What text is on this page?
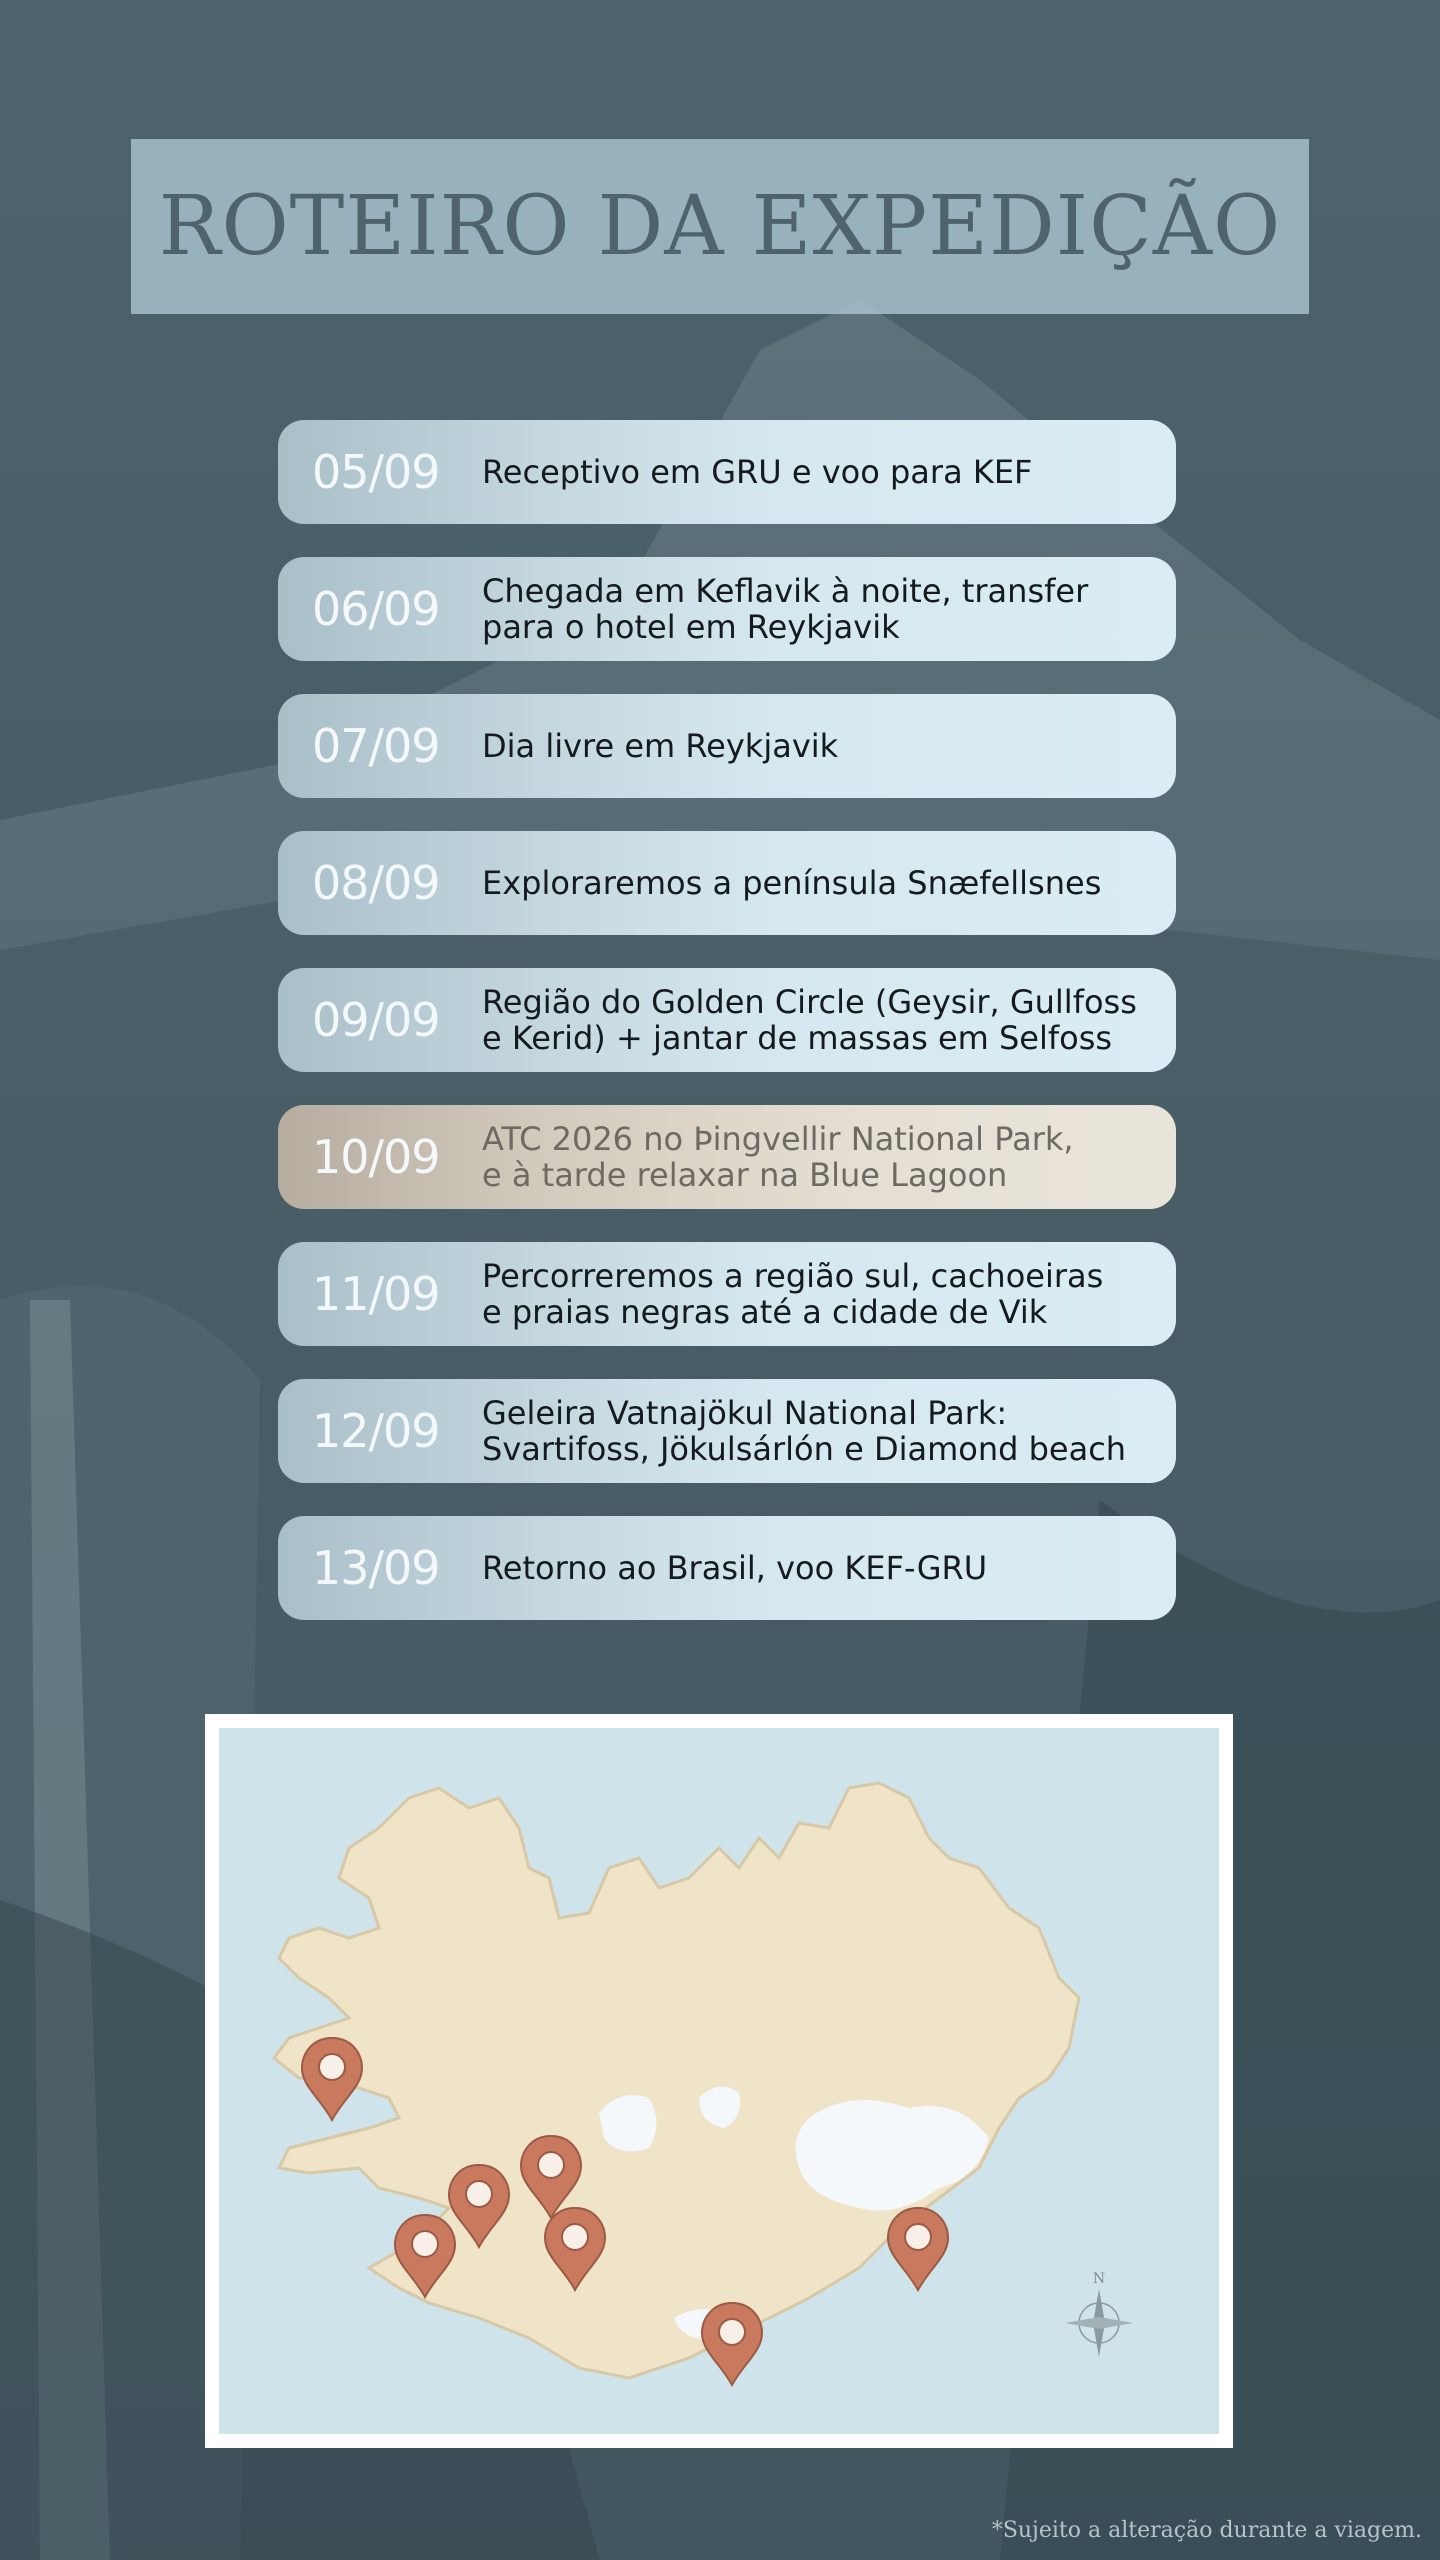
ROTEIRO DA EXPEDIÇÃO
05/09	Receptivo em GRU e voo para KEF
06/09	Chegada em Keflavik à noite, transfer
para o hotel em Reykjavik
07/09	Dia livre em Reykjavik
08/09	Exploraremos a península Snæfellsnes
09/09	Região do Golden Circle (Geysir, Gullfoss
e Kerid) + jantar de massas em Selfoss
10/09	ATC 2026 no Þingvellir National Park,
e à tarde relaxar na Blue Lagoon
11/09	Percorreremos a região sul, cachoeiras
e praias negras até a cidade de Vik
12/09	Geleira Vatnajökul National Park:
Svartifoss, Jökulsárlón e Diamond beach
13/09	Retorno ao Brasil, voo KEF-GRU
N
*Sujeito a alteração durante a viagem.
